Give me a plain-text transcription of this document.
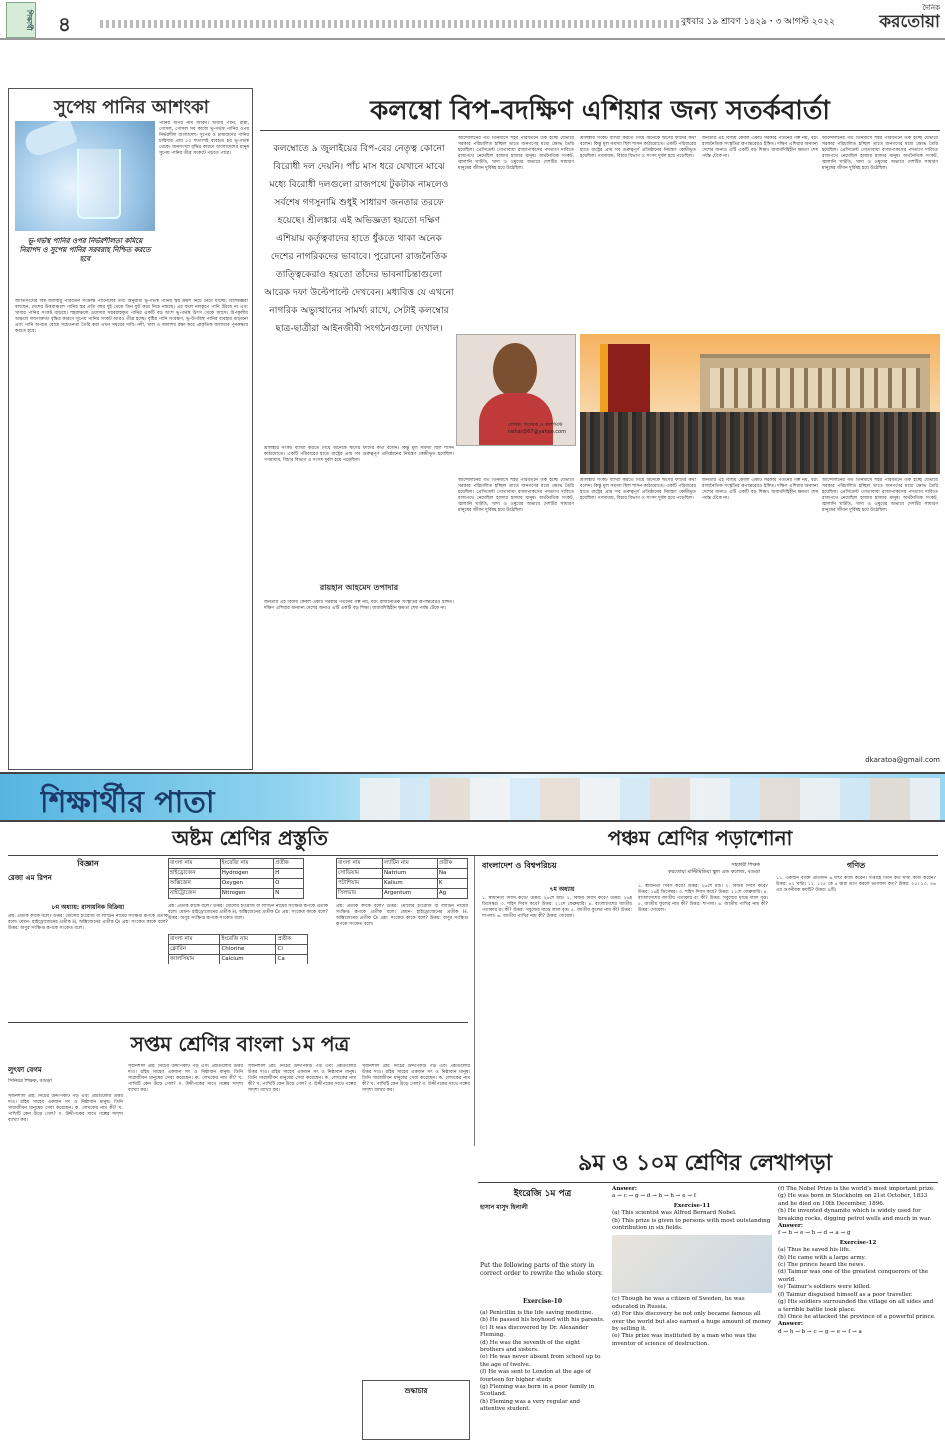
শিক্ষার্থী ৪	বুধবার ১৯ শ্রাবণ ১৪২৯ ꞏ ৩ আগস্ট ২০২২
দৈনিক
করতোয়া
সুপেয় পানির আশংকা
পানির অপর নাম জীবন। খাবার পানি, রান্না, গোসল, গোসল সব কাজে ভূ-গর্ভস্থ পানির ওপর নির্ভরশীল বাংলাদেশ। সুপেয় ও চাষাবাদের পানির চাহিদার প্রায় ৮০ শতাংশই ব্যবহৃত হয় ভূ-গর্ভস্থ থেকে। জনসংখ্যা বৃদ্ধির কারণে বাংলাদেশের মানুষ সুপেয় পানির তীব্র সংকটে পড়তে পারে।
ভূ-গর্ভস্থ পানির ওপর নির্ভরশীলতা কমিয়ে নিরাপদ ও সুপেয় পানির সরবরাহ নিশ্চিত করতে হবে
জাতিসংঘের বিশ্ব জলবায়ু পরিবর্তন সংক্রান্ত প্যানেলের তথ্য অনুযায়ী ভূ-গর্ভস্থ পানির স্তর ক্রমশ নিচে নেমে যাচ্ছে। বিশেষজ্ঞরা বলছেন, দেশের উত্তরাঞ্চলে পানির স্তর প্রতি বছর দুই থেকে তিন ফুট করে নিচে নামছে। এর ফলে নলকূপে পানি উঠছে না এবং খাবার পানির সংকট বাড়ছে। শহরাঞ্চলে ওয়াসার সরবরাহকৃত পানির একটি বড় অংশ ভূ-গর্ভস্থ উৎস থেকে আসে। উপকূলীয় অঞ্চলে লবণাক্ততা বৃদ্ধির কারণে সুপেয় পানির সংকট আরও তীব্র হচ্ছে। বৃষ্টির পানি সংরক্ষণ, ভূ-উপরিস্থ পানির ব্যবহার বাড়ানো এবং পানি অপচয় রোধে সচেতনতা তৈরি করা এখন সময়ের দাবি। নদী, খাল ও জলাশয় রক্ষা করে প্রাকৃতিক জলাধার পুনরুদ্ধার করতে হবে।
কলম্বো বিপ-বদক্ষিণ এশিয়ার জন্য সতর্কবার্তা
কলম্বোতে ৯ জুলাইয়ের বিপ-বের নেতৃত্ব কোনো বিরোধী দল দেয়নি। পাঁচ মাস ধরে যেখানে মাঝে মধ্যে বিরোধী দলগুলো রাজপথে টুকটাক নামলেও সর্বশেষ গণসুনামি শুধুই সাধারণ জনতার তরফে হয়েছে। শ্রীলঙ্কার এই অভিজ্ঞতা হয়তো দক্ষিণ এশিয়ায় কর্তৃত্ববাদের হাতে ধুঁকতে থাকা অনেক দেশের নাগরিকদের ভাবাবে। পুরোনো রাজনৈতিক তাত্ত্বিকেরাও হয়তো তাঁদের ভাবনাচিন্তাগুলো আরেক দফা উল্টেপাল্টে দেখবেন। মধ্যবিত্ত যে এখনো নাগরিক অভ্যুত্থানের সামর্থ্য রাখে, সেটাই কলম্বোর ছাত্র-ছাত্রীরা আইনজীবী সংগঠনগুলো দেখাল।
আন্দোলনের গত তিনমাসে শহর পরিবর্তনে তর্ক হচ্ছে যেভাবে সরকার পরিচালিত হচ্ছিল তাতে জনগণের মধ্যে ক্ষোভ তৈরি হয়েছিল। প্রেসিডেন্ট গোতাবায়া রাজাপাকসের পদত্যাগ দাবিতে রাজপথে নেমেছিল হাজার হাজার মানুষ। অর্থনৈতিক সংকট, জ্বালানি ঘাটতি, খাদ্য ও ওষুধের অভাবে দেশটির সাধারণ মানুষের জীবন দুর্বিষহ হয়ে উঠেছিল।
শ্রীলঙ্কার সংকট ব্যাখ্যা করতে গিয়ে অনেকে ঋণের ফাঁদের কথা বলেন। কিন্তু মূল সমস্যা ছিল শাসন কাঠামোতে। একটি পরিবারের হাতে রাষ্ট্রের প্রায় সব গুরুত্বপূর্ণ প্রতিষ্ঠানের নিয়ন্ত্রণ কেন্দ্রীভূত হয়েছিল। গণমাধ্যম, বিচার বিভাগ ও সংসদ দুর্বল হয়ে পড়েছিল।
জনতার এই বিজয় কেবল একটি সরকার পতনের গল্প নয়, বরং রাজনৈতিক সংস্কৃতির রূপান্তরেরও ইঙ্গিত। দক্ষিণ এশিয়ার অন্যান্য দেশের জন্যও এটি একটি বড় শিক্ষা। জবাবদিহিহীন ক্ষমতা শেষ পর্যন্ত টেকে না।
আন্দোলনের গত তিনমাসে শহর পরিবর্তনে তর্ক হচ্ছে যেভাবে সরকার পরিচালিত হচ্ছিল তাতে জনগণের মধ্যে ক্ষোভ তৈরি হয়েছিল। প্রেসিডেন্ট গোতাবায়া রাজাপাকসের পদত্যাগ দাবিতে রাজপথে নেমেছিল হাজার হাজার মানুষ। অর্থনৈতিক সংকট, জ্বালানি ঘাটতি, খাদ্য ও ওষুধের অভাবে দেশটির সাধারণ মানুষের জীবন দুর্বিষহ হয়ে উঠেছিল।
লেখক: গবেষক ও কলামিস্ট
raihan567@yahoo.com
শ্রীলঙ্কার সংকট ব্যাখ্যা করতে গিয়ে অনেকে ঋণের ফাঁদের কথা বলেন। কিন্তু মূল সমস্যা ছিল শাসন কাঠামোতে। একটি পরিবারের হাতে রাষ্ট্রের প্রায় সব গুরুত্বপূর্ণ প্রতিষ্ঠানের নিয়ন্ত্রণ কেন্দ্রীভূত হয়েছিল। গণমাধ্যম, বিচার বিভাগ ও সংসদ দুর্বল হয়ে পড়েছিল।
রায়হান আহমেদ তপাদার
জনতার এই বিজয় কেবল একটি সরকার পতনের গল্প নয়, বরং রাজনৈতিক সংস্কৃতির রূপান্তরেরও ইঙ্গিত। দক্ষিণ এশিয়ার অন্যান্য দেশের জন্যও এটি একটি বড় শিক্ষা। জবাবদিহিহীন ক্ষমতা শেষ পর্যন্ত টেকে না।
আন্দোলনের গত তিনমাসে শহর পরিবর্তনে তর্ক হচ্ছে যেভাবে সরকার পরিচালিত হচ্ছিল তাতে জনগণের মধ্যে ক্ষোভ তৈরি হয়েছিল। প্রেসিডেন্ট গোতাবায়া রাজাপাকসের পদত্যাগ দাবিতে রাজপথে নেমেছিল হাজার হাজার মানুষ। অর্থনৈতিক সংকট, জ্বালানি ঘাটতি, খাদ্য ও ওষুধের অভাবে দেশটির সাধারণ মানুষের জীবন দুর্বিষহ হয়ে উঠেছিল।
শ্রীলঙ্কার সংকট ব্যাখ্যা করতে গিয়ে অনেকে ঋণের ফাঁদের কথা বলেন। কিন্তু মূল সমস্যা ছিল শাসন কাঠামোতে। একটি পরিবারের হাতে রাষ্ট্রের প্রায় সব গুরুত্বপূর্ণ প্রতিষ্ঠানের নিয়ন্ত্রণ কেন্দ্রীভূত হয়েছিল। গণমাধ্যম, বিচার বিভাগ ও সংসদ দুর্বল হয়ে পড়েছিল।
জনতার এই বিজয় কেবল একটি সরকার পতনের গল্প নয়, বরং রাজনৈতিক সংস্কৃতির রূপান্তরেরও ইঙ্গিত। দক্ষিণ এশিয়ার অন্যান্য দেশের জন্যও এটি একটি বড় শিক্ষা। জবাবদিহিহীন ক্ষমতা শেষ পর্যন্ত টেকে না।
আন্দোলনের গত তিনমাসে শহর পরিবর্তনে তর্ক হচ্ছে যেভাবে সরকার পরিচালিত হচ্ছিল তাতে জনগণের মধ্যে ক্ষোভ তৈরি হয়েছিল। প্রেসিডেন্ট গোতাবায়া রাজাপাকসের পদত্যাগ দাবিতে রাজপথে নেমেছিল হাজার হাজার মানুষ। অর্থনৈতিক সংকট, জ্বালানি ঘাটতি, খাদ্য ও ওষুধের অভাবে দেশটির সাধারণ মানুষের জীবন দুর্বিষহ হয়ে উঠেছিল।
dkaratoa@gmail.com
শিক্ষার্থীর পাতা
অষ্টম শ্রেণির প্রস্তুতি	পঞ্চম শ্রেণির পড়াশোনা
বিজ্ঞান
রেজা এম রিপন
৮ম অধ্যায়: রাসায়নিক বিক্রিয়া
প্রশ্ন: প্রতীক কাকে বলে? উত্তর: মৌলের ইংরেজি বা ল্যাটিন নামের সংক্ষিপ্ত রূপকে প্রতীক বলে। যেমন- হাইড্রোজেনের প্রতীক H, অক্সিজেনের প্রতীক O। প্রশ্ন: সংকেত কাকে বলে? উত্তর: অণুর সংক্ষিপ্ত রূপকে সংকেত বলে।
বাংলা নাম	ইংরেজি নাম	প্রতীক
হাইড্রোজেন	Hydrogen	H
অক্সিজেন	Oxygen	O
নাইট্রোজেন	Nitrogen	N
প্রশ্ন: প্রতীক কাকে বলে? উত্তর: মৌলের ইংরেজি বা ল্যাটিন নামের সংক্ষিপ্ত রূপকে প্রতীক বলে। যেমন- হাইড্রোজেনের প্রতীক H, অক্সিজেনের প্রতীক O। প্রশ্ন: সংকেত কাকে বলে? উত্তর: অণুর সংক্ষিপ্ত রূপকে সংকেত বলে।
বাংলা নাম	ল্যাটিন নাম	প্রতীক
সোডিয়াম	Natrium	Na
পটাশিয়াম	Kalium	K
সিলভার	Argentum	Ag
প্রশ্ন: প্রতীক কাকে বলে? উত্তর: মৌলের ইংরেজি বা ল্যাটিন নামের সংক্ষিপ্ত রূপকে প্রতীক বলে। যেমন- হাইড্রোজেনের প্রতীক H, অক্সিজেনের প্রতীক O। প্রশ্ন: সংকেত কাকে বলে? উত্তর: অণুর সংক্ষিপ্ত রূপকে সংকেত বলে।
বাংলা নাম	ইংরেজি নাম	প্রতীক
ক্লোরিন	Chlorine	Cl
ক্যালসিয়াম	Calcium	Ca
বাংলাদেশ ও বিশ্বপরিচয়	সহকারী শিক্ষক
করতোয়া মাল্টিমিডিয়া স্কুল এন্ড কলেজ, বগুড়া
৭ম অধ্যায়
১. স্বাধীনতা দিবস কবে? উত্তর: ২৬শে মার্চ। ২. বিজয় দিবস কবে? উত্তর: ১৬ই ডিসেম্বর। ৩. শহিদ দিবস কবে? উত্তর: ২১শে ফেব্রুয়ারি। ৪. বাংলাদেশের জাতীয় পতাকার রং কী? উত্তর: সবুজের মাঝে লাল বৃত্ত। ৫. জাতীয় ফুলের নাম কী? উত্তর: শাপলা। ৬. জাতীয় পাখির নাম কী? উত্তর: দোয়েল।
১. স্বাধীনতা দিবস কবে? উত্তর: ২৬শে মার্চ। ২. বিজয় দিবস কবে? উত্তর: ১৬ই ডিসেম্বর। ৩. শহিদ দিবস কবে? উত্তর: ২১শে ফেব্রুয়ারি। ৪. বাংলাদেশের জাতীয় পতাকার রং কী? উত্তর: সবুজের মাঝে লাল বৃত্ত। ৫. জাতীয় ফুলের নাম কী? উত্তর: শাপলা। ৬. জাতীয় পাখির নাম কী? উত্তর: দোয়েল।
গণিত
১১. একজন ব্যক্তি প্রতিদিন ৬ ঘণ্টা কাজ করেন। সপ্তাহে তিনি কত ঘণ্টা কাজ করেন? উত্তর: ৪২ ঘণ্টা। ১২. ১২৫ কে ৫ দ্বারা ভাগ করলে ভাগফল কত? উত্তর: ২৫। ১৩. ৩৬ এর গুণনীয়ক কয়টি? উত্তর: ৯টি।
সপ্তম শ্রেণির বাংলা ১ম পত্র
লুৎফা বেগম
সিনিয়র শিক্ষক, বগুড়া
সৃজনশীল প্রশ্ন: নিচের উদ্দীপকটি পড় এবং প্রশ্নগুলোর উত্তর দাও। রহিম সাহেব একজন সৎ ও নিষ্ঠাবান মানুষ। তিনি সারাজীবন মানুষের সেবা করেছেন। ক. লেখকের নাম কী? খ. পাখিটি কেন উড়ে গেল? গ. উদ্দীপকের সাথে গল্পের সাদৃশ্য ব্যাখ্যা কর।
সৃজনশীল প্রশ্ন: নিচের উদ্দীপকটি পড় এবং প্রশ্নগুলোর উত্তর দাও। রহিম সাহেব একজন সৎ ও নিষ্ঠাবান মানুষ। তিনি সারাজীবন মানুষের সেবা করেছেন। ক. লেখকের নাম কী? খ. পাখিটি কেন উড়ে গেল? গ. উদ্দীপকের সাথে গল্পের সাদৃশ্য ব্যাখ্যা কর।
সৃজনশীল প্রশ্ন: নিচের উদ্দীপকটি পড় এবং প্রশ্নগুলোর উত্তর দাও। রহিম সাহেব একজন সৎ ও নিষ্ঠাবান মানুষ। তিনি সারাজীবন মানুষের সেবা করেছেন। ক. লেখকের নাম কী? খ. পাখিটি কেন উড়ে গেল? গ. উদ্দীপকের সাথে গল্পের সাদৃশ্য ব্যাখ্যা কর।
সৃজনশীল প্রশ্ন: নিচের উদ্দীপকটি পড় এবং প্রশ্নগুলোর উত্তর দাও। রহিম সাহেব একজন সৎ ও নিষ্ঠাবান মানুষ। তিনি সারাজীবন মানুষের সেবা করেছেন। ক. লেখকের নাম কী? খ. পাখিটি কেন উড়ে গেল? গ. উদ্দীপকের সাথে গল্পের সাদৃশ্য ব্যাখ্যা কর।
শুদ্ধাচার
৯ম ও ১০ম শ্রেণির লেখাপড়া
ইংরেজি ১ম পত্র
হাসান মাসুদ হিলালী
Put the following parts of the story in correct order to rewrite the whole story.
Exercise-10
(a) Penicillin is the life saving medicine.
(b) He passed his boyhood with his parents.
(c) It was discovered by Dr. Alexander Fleming.
(d) He was the seventh of the eight brothers and sisters.
(e) He was never absent from school up to the age of twelve.
(f) He was sent to London at the age of fourteen for higher study.
(g) Fleming was born in a poor family in Scotland.
(h) Fleming was a very regular and attentive student.
Answer:
a → c → g → d → b → h → e → f
Exercise-11
(a) This scientist was Alfred Bernard Nobel.
(b) This prize is given to persons with most outstanding contribution in six fields.
(c) Though he was a citizen of Sweden, he was educated in Russia.
(d) For this discovery he not only became famous all over the world but also earned a huge amount of money by selling it.
(e) This prize was instituted by a man who was the inventor of science of destruction.
(f) The Nobel Prize is the world's most important prize.
(g) He was born in Stockholm on 21st October, 1833 and he died on 10th December, 1896.
(h) He invented dynamite which is widely used for breaking rocks, digging petrol wells and much in war.
Answer:
f → b → e → h → d → a → g
Exercise-12
(a) Thus he saved his life.
(b) He came with a large army.
(c) The prince heard the news.
(d) Taimur was one of the greatest conquerors of the world.
(e) Taimur's soldiers were killed.
(f) Taimur disguised himself as a poor traveller.
(g) His soldiers surrounded the village on all sides and a terrible battle took place.
(h) Once he attacked the province of a powerful prince.
Answer:
d → h → b → c → g → e → f → a
